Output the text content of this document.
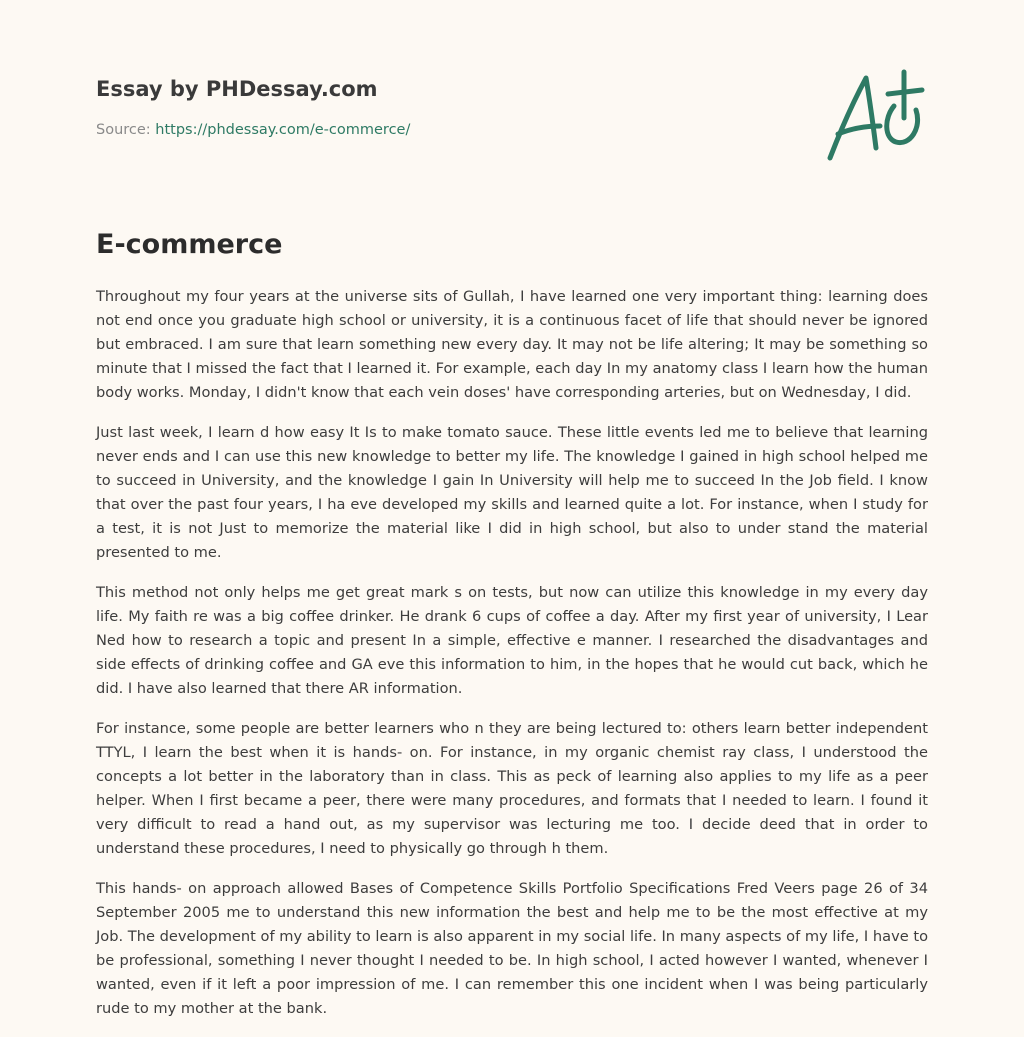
Essay by PHDessay.com
Source: https://phdessay.com/e-commerce/
E-commerce

Throughout my four years at the universe sits of Gullah, I have learned one very important thing: learning does not end once you graduate high school or university, it is a continuous facet of life that should never be ignored but embraced. I am sure that learn something new every day. It may not be life altering; It may be something so minute that I missed the fact that I learned it. For example, each day In my anatomy class I learn how the human body works. Monday, I didn't know that each vein doses' have corresponding arteries, but on Wednesday, I did.

Just last week, I learn d how easy It Is to make tomato sauce. These little events led me to believe that learning never ends and I can use this new knowledge to better my life. The knowledge I gained in high school helped me to succeed in University, and the knowledge I gain In University will help me to succeed In the Job field. I know that over the past four years, I ha eve developed my skills and learned quite a lot. For instance, when I study for a test, it is not Just to memorize the material like I did in high school, but also to under stand the material presented to me.

This method not only helps me get great mark s on tests, but now can utilize this knowledge in my every day life. My faith re was a big coffee drinker. He drank 6 cups of coffee a day. After my first year of university, I Lear Ned how to research a topic and present In a simple, effective e manner. I researched the disadvantages and side effects of drinking coffee and GA eve this information to him, in the hopes that he would cut back, which he did. I have also learned that there AR information.

For instance, some people are better learners who n they are being lectured to: others learn better independent TTYL, I learn the best when it is hands- on. For instance, in my organic chemist ray class, I understood the concepts a lot better in the laboratory than in class. This as peck of learning also applies to my life as a peer helper. When I first became a peer, there were many procedures, and formats that I needed to learn. I found it very difficult to read a hand out, as my supervisor was lecturing me too. I decide deed that in order to understand these procedures, I need to physically go through h them.

This hands- on approach allowed Bases of Competence Skills Portfolio Specifications Fred Veers page 26 of 34 September 2005 me to understand this new information the best and help me to be the most effective at my Job. The development of my ability to learn is also apparent in my social life. In many aspects of my life, I have to be professional, something I never thought I needed to be. In high school, I acted however I wanted, whenever I wanted, even if it left a poor impression of me. I can remember this one incident when I was being particularly rude to my mother at the bank.
